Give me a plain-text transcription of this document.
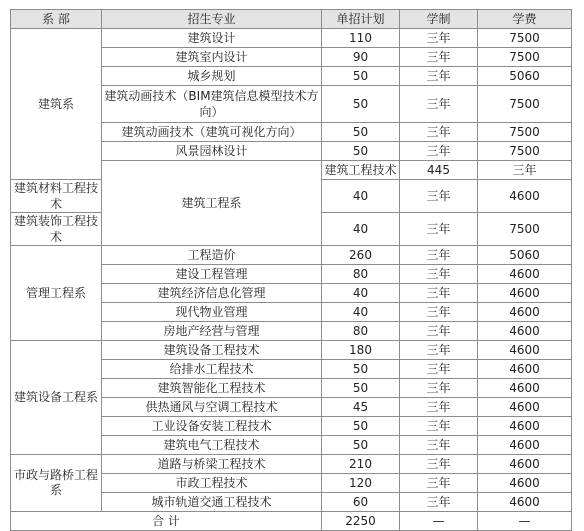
系 部	招生专业	单招计划	学制	学费	
建筑系	建筑设计	110	三年	7500	
	建筑室内设计	90	三年	7500	
	城乡规划	50	三年	5060	
	建筑动画技术（BIM建筑信息模型技术方向）	50	三年	7500	
	建筑动画技术（建筑可视化方向）	50	三年	7500	
	风景园林设计	50	三年	7500	
	建筑工程系	建筑工程技术	445	三年	
建筑材料工程技术		40	三年	4600	
建筑装饰工程技术		40	三年	7500	
管理工程系	工程造价	260	三年	5060	
	建设工程管理	80	三年	4600	
	建筑经济信息化管理	40	三年	4600	
	现代物业管理	40	三年	4600	
	房地产经营与管理	80	三年	4600	
建筑设备工程系	建筑设备工程技术	180	三年	4600	
	给排水工程技术	50	三年	4600	
	建筑智能化工程技术	50	三年	4600	
	供热通风与空调工程技术	45	三年	4600	
	工业设备安装工程技术	50	三年	4600	
	建筑电气工程技术	50	三年	4600	
市政与路桥工程系	道路与桥梁工程技术	210	三年	4600	
	市政工程技术	120	三年	4600	
	城市轨道交通工程技术	60	三年	4600	
合 计		2250	—	—	
